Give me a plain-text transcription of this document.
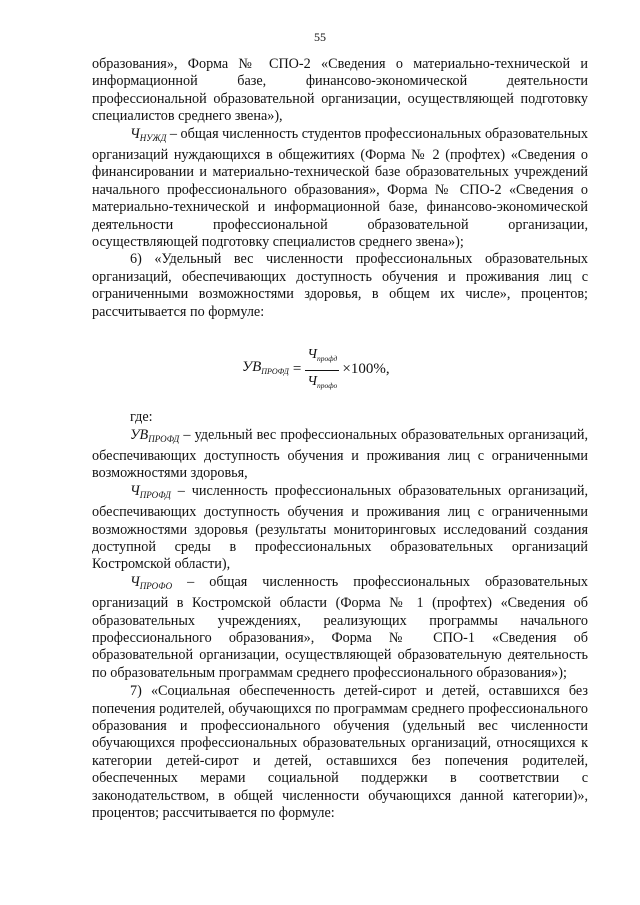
55

образования», Форма № СПО-2 «Сведения о материально-технической и информационной базе, финансово-экономической деятельности профессиональной образовательной организации, осуществляющей подготовку специалистов среднего звена»),

$Ч_{НУЖД}$ – общая численность студентов профессиональных образовательных организаций нуждающихся в общежитиях (Форма № 2 (профтех) «Сведения о финансировании и материально-технической базе образовательных учреждений начального профессионального образования», Форма № СПО-2 «Сведения о материально-технической и информационной базе, финансово-экономической деятельности профессиональной образовательной организации, осуществляющей подготовку специалистов среднего звена»);

6) «Удельный вес численности профессиональных образовательных организаций, обеспечивающих доступность обучения и проживания лиц с ограниченными возможностями здоровья, в общем их числе», процентов; рассчитывается по формуле:

$УВ_{ПРОФД} = \frac{Ч_{профд}}{Ч_{профо}} \times 100\%$,

где:

$УВ_{ПРОФД}$ – удельный вес профессиональных образовательных организаций, обеспечивающих доступность обучения и проживания лиц с ограниченными возможностями здоровья,

$Ч_{ПРОФД}$ – численность профессиональных образовательных организаций, обеспечивающих доступность обучения и проживания лиц с ограниченными возможностями здоровья (результаты мониторинговых исследований создания доступной среды в профессиональных образовательных организаций Костромской области),

$Ч_{ПРОФО}$ – общая численность профессиональных образовательных организаций в Костромской области (Форма № 1 (профтех) «Сведения об образовательных учреждениях, реализующих программы начального профессионального образования», Форма № СПО-1 «Сведения об образовательной организации, осуществляющей образовательную деятельность по образовательным программам среднего профессионального образования»);

7) «Социальная обеспеченность детей-сирот и детей, оставшихся без попечения родителей, обучающихся по программам среднего профессионального образования и профессионального обучения (удельный вес численности обучающихся профессиональных образовательных организаций, относящихся к категории детей-сирот и детей, оставшихся без попечения родителей, обеспеченных мерами социальной поддержки в соответствии с законодательством, в общей численности обучающихся данной категории)», процентов; рассчитывается по формуле:
